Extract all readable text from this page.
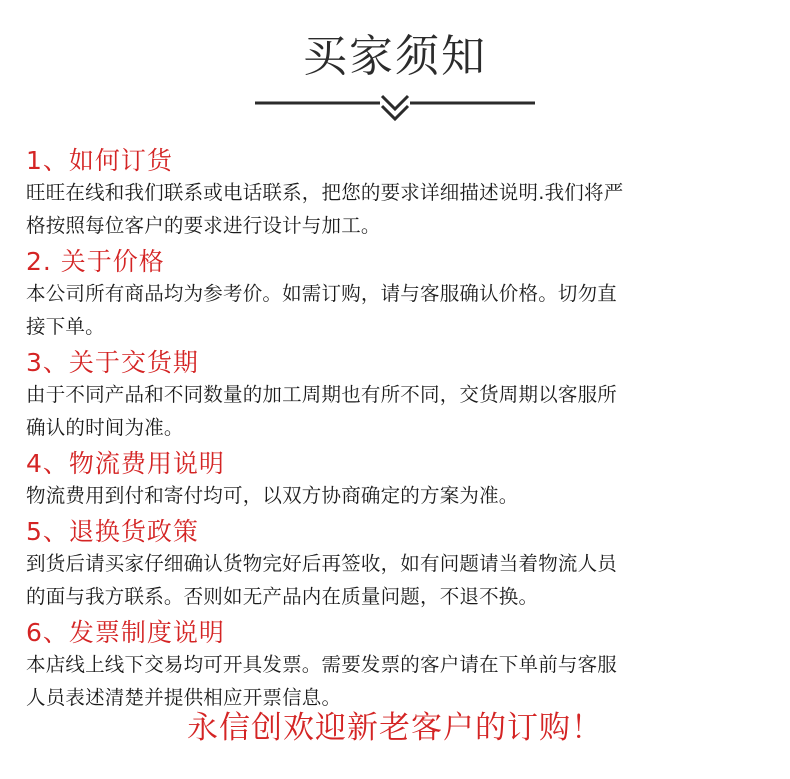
买家须知
1、如何订货
旺旺在线和我们联系或电话联系，把您的要求详细描述说明.我们将严
格按照每位客户的要求进行设计与加工。
2. 关于价格
本公司所有商品均为参考价。如需订购，请与客服确认价格。切勿直
接下单。
3、关于交货期
由于不同产品和不同数量的加工周期也有所不同，交货周期以客服所
确认的时间为准。
4、物流费用说明
物流费用到付和寄付均可，以双方协商确定的方案为准。
5、退换货政策
到货后请买家仔细确认货物完好后再签收，如有问题请当着物流人员
的面与我方联系。否则如无产品内在质量问题，不退不换。
6、发票制度说明
本店线上线下交易均可开具发票。需要发票的客户请在下单前与客服
人员表述清楚并提供相应开票信息。
永信创欢迎新老客户的订购！
